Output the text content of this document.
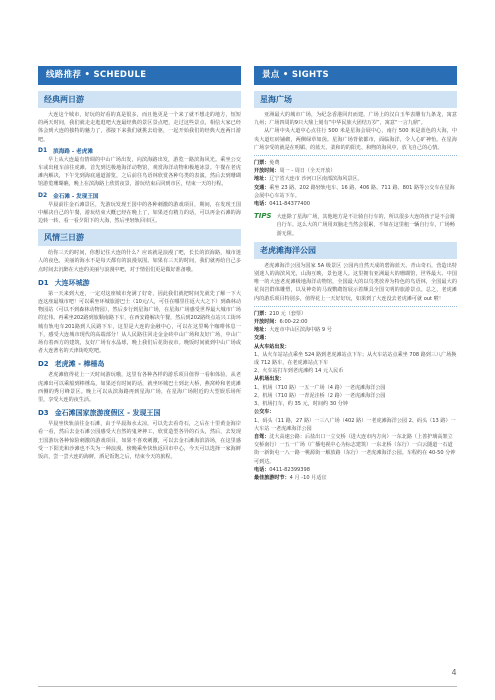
线路推荐 • SCHEDULE	景点 • SIGHTS
经典两日游

大连这个城市，好玩的好看的真是很多，而且他更是一个来了就不想走的地方，短短的两天时间，我们就走走逛逛吧大连最经典的景区景点吧，走过这些景点，相信大家已经体会到大连的独特的魅力了，那接下来我们就挑去给驱，一起开始我们的经典大连两日游吧。

D1 滨海路 - 老虎滩

早上从大连最有情调的中山广场出发，向滨海路出发，游览一路滨海风光。乘坐公交车或出租车前往虎滩，首先到达极地海洋动物馆，观赏海洋动物和极地冰景。午餐在老虎滩内解决，下午先到海底通道游览，之后前往鸟语林欣赏各种鸟类的表演。然后去到珊瑚馆游览珊瑚礁，晚上在滨海路上欣赏夜景，游玩结束后回到市区，结束一天的行程。

D2 金石滩 - 发现王国

早晨前往金石滩景区，先游玩发现王国中的各种刺激的游戏项目，期间，在发现王国中解决自己的午餐，游玩结束大概已经在晚上了，如果还有精力的话，可以再金石滩的海边转一转，看一看夕阳下的大海，然后坐轻轨回市区。

风情三日游

给你三天的时间，你想记住大连的什么？应该就是浪漫了吧，长长的滨海路，城市迷人的夜色，美丽的海水不是每天都有的浪漫氛围。如果有三天的时间，我们就再给自己多点时间去沉醉在大连的美丽与浪漫中吧，对于情侣们更是做好准备哦。

D1 大连环城游

第一天来到大连，一定对这座城市充满了好奇，因此我们就把时间先就先了解一下大连这座最城市吧！可以乘坐环城旅游巴士（10元/人，可任在哪里往返大大之下）到森林动物园站（可以不到森林动物园），然后步行到星海广场，在星海广场感受世界最大城市广场的宏伟。再乘坐202路到旅顺南路下车，在西安路解决午餐，然后到202路终点站兴工街环城有轨电车201路到人民路下车，这里是大连的金融中心，可以在这里喝个咖啡休息一下，感受大连城市现代的高端部分！从人民路往回走金金砖中山广场和友好广场，中山广场有着西方的建筑，友好广场有水晶球，晚上我们后花街夜市。晚饭时间就到中山广场或者大连著名的天津街吃吃吧。

D2 老虎滩 - 棒棰岛

老虎滩值得花上一天时间游玩哦，这里有各种各样的游乐项目值得一看和体验。从老虎滩出可以乘船到棒棰岛，如果还有时间的话，就坐环城巴士到北大桥，燕窝岭和老虎滩西侧的秀月峰景区。晚上可以从滨海路再到星海广场，在星海广场附近的大型娱乐场所里，享受大连的夜生活。

D3 金石滩国家旅游度假区 - 发现王国

早晨坐快轨前往金石滩，由于早晨海水太凉，可以先去看奇石，之后在十里黄金海岸看一看，然后去金石滩公园感受大自然的鬼斧神工，欣赏造型各异的石头，然后，去发现王国游玩各种惊险刺激的游戏项目，如果不喜欢刺激，可以去金石滩海滨浴场，在这里感受一下阳光和沙滩也不失为一种浪漫。傍晚乘坐快轨返回市中心，今天可以选择一家海鲜饭店，尝一尝大连的海鲜，酒足饭饱之后，结束今天的旅程。

星海广场

亚洲最大的城市广场，为纪念香港回归而建。广场上的汉白玉华表雕有九条龙，寓意九州；广场四周的9只大鼎上刻有“中华民族大团结万岁”，寓意“一言九鼎”。

从广场中央大道中心点往行 500 米是星海会展中心，南行 500 米是蓝色的大海，中央大道红砖铺砌，两侧绿草如茵。星海广场背依都市，面临海洋，令人心旷神怡。在星海广场享受的就是在明媚、的蓝天、柔和的的阳光、和煦的海风中，放飞自己的心情。

门票：免费
开放时间：周一 - 周日（全天开放）
地址：辽宁省大连市 沙河口区南部滨海风景区。
交通：乘坐 23 路、202 路轻轨电车、16 路、406 路、711 路、801 路等公交车在星海会展中心车站下车。
电话：0411-84377400
TIPS 大连除了星海广场，其他地方是不让骑自行车的，所以很多大连的孩子是不会骑自行车。这么大的广场用双脑走当然会很累，不如在这里租一辆自行车，广场畅游无阻。
老虎滩海洋公园

老虎滩海洋公园为国家 5A 级景区 公园内自然天成的碧海蓝天、青山奇石，营造出特别迷人的海滨风光，山海互映，景色迷人。这里拥有亚洲最大的珊瑚馆，世界最大、中国唯一的大连老虎滩极地海洋动物馆，全国最大的以鸟类放养为特色的鸟语林，全国最大的花岗岩群体雕塑，以及神奇的马戏鹦鹉馆展示着颇具全国文明的旅游景点。总之，老虎滩内的游乐项目特别多，值得花上一天好好玩，如果到了大连没去老虎滩可就 out 啦！

门票：210 元（套票）
开放时间：6:00-22:00
地址：大连市中山区滨海中路 9 号
交通：
从火车站出发：
1、从火车站站点乘坐 524 路到老虎滩站点下车；从火车站站点乘坐 708 路到三八广场换成 712 路车，在老虎滩站点下车
2、火车站打车到老虎滩约 14 元人民币
从机场出发：
1、机场（710 路）一五一广场（4 路）一老虎滩海洋公园
2、机场（710 路）一青泥洼桥（2 路）一老虎滩海洋公园
3、机场打车，约 35 元，时间约 30 分钟
公交车：
1、码头（11 路，27 路）一三八广场（402 路）一老虎滩海洋公园 2、码头（13 路）一大车站 一老虎滩海洋公园
自驾：沈大高速公路：后盐出口一立交桥（进大连市内方向）一东北路（上善护璃高架立交桥南行）一五一广场（广播电视中心为标志建筑）一东北桥（东行）一白云隧道一石道街一新街屯一八一路一桃源街一解放路（东行）一老虎滩海洋公园。车程约在 40-50 分钟可到达。
电话：0411-82399398
最佳旅游时节：4 月 -10 月适宜
4
